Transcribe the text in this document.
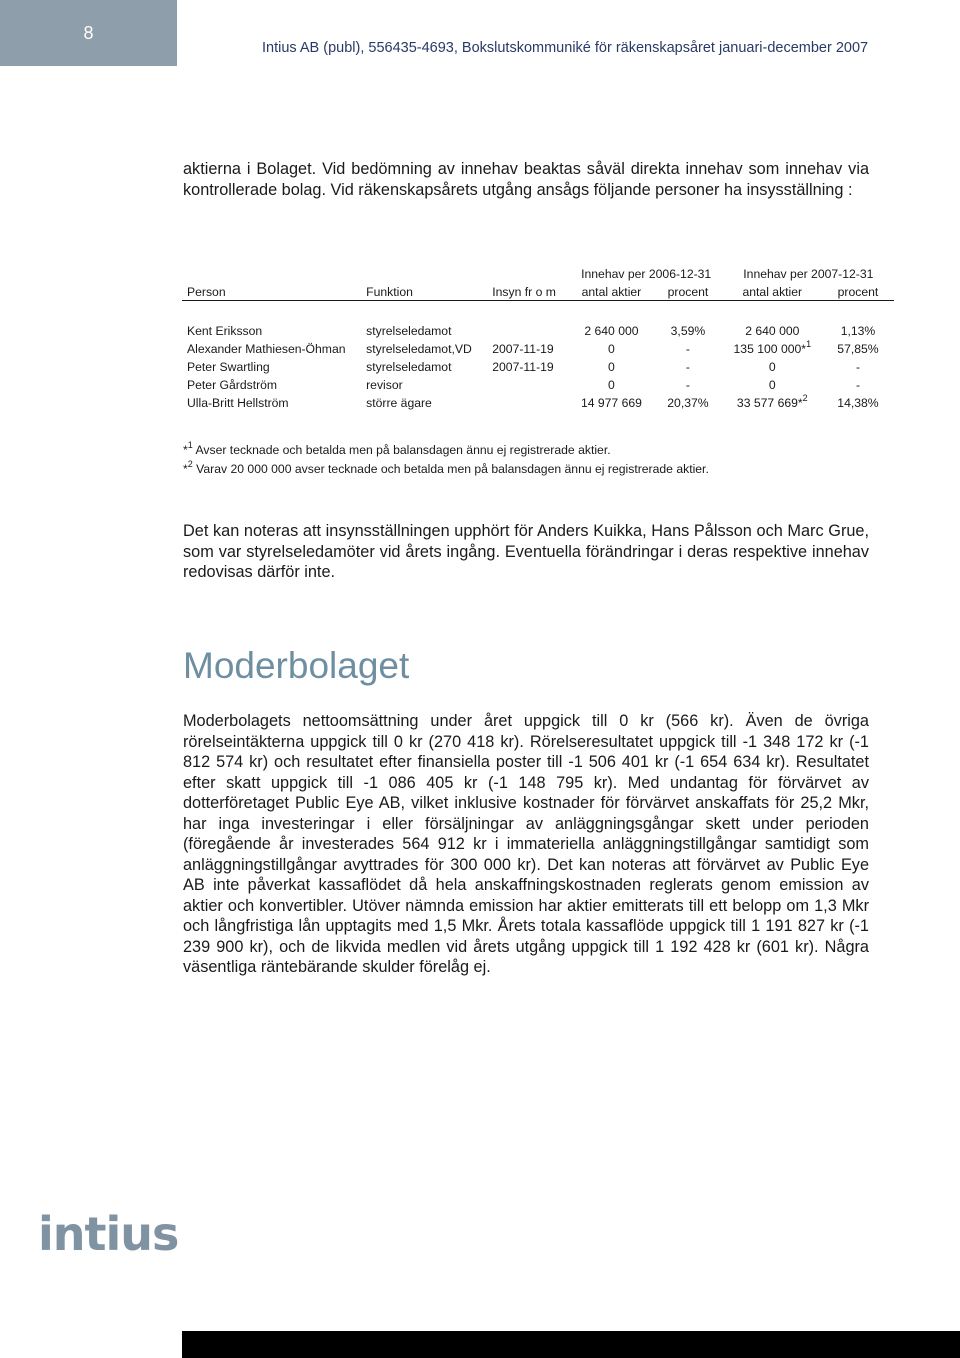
8
Intius AB (publ), 556435-4693, Bokslutskommuniké för räkenskapsåret januari-december 2007

aktierna i Bolaget. Vid bedömning av innehav beaktas såväl direkta innehav som innehav via kontrollerade bolag. Vid räkenskapsårets utgång ansågs följande personer ha insysställning :

			Innehav per 2006-12-31		Innehav per 2007-12-31	
Person	Funktion	Insyn fr o m	antal aktier	procent	antal aktier	procent

Kent Eriksson	styrelseledamot		2 640 000	3,59%	2 640 000	1,13%
Alexander Mathiesen-Öhman	styrelseledamot,VD	2007-11-19	0	-	135 100 000*$^1$	57,85%
Peter Swartling	styrelseledamot	2007-11-19	0	-	0	-
Peter Gårdström	revisor		0	-	0	-
Ulla-Britt Hellström	större ägare		14 977 669	20,37%	33 577 669*$^2$	14,38%
*$^1$ Avser tecknade och betalda men på balansdagen ännu ej registrerade aktier.
*$^2$ Varav 20 000 000 avser tecknade och betalda men på balansdagen ännu ej registrerade aktier.

Det kan noteras att insynsställningen upphört för Anders Kuikka, Hans Pålsson och Marc Grue, som var styrelseledamöter vid årets ingång. Eventuella förändringar i deras respektive innehav redovisas därför inte.

Moderbolaget

Moderbolagets nettoomsättning under året uppgick till 0 kr (566 kr). Även de övriga rörelseintäkterna uppgick till 0 kr (270 418 kr). Rörelseresultatet uppgick till -1 348 172 kr (-1 812 574 kr) och resultatet efter finansiella poster till -1 506 401 kr (-1 654 634 kr). Resultatet efter skatt uppgick till -1 086 405 kr (-1 148 795 kr). Med undantag för förvärvet av dotterföretaget Public Eye AB, vilket inklusive kostnader för förvärvet anskaffats för 25,2 Mkr, har inga investeringar i eller försäljningar av anläggningsgångar skett under perioden (föregående år investerades 564 912 kr i immateriella anläggningstillgångar samtidigt som anläggningstillgångar avyttrades för 300 000 kr). Det kan noteras att förvärvet av Public Eye AB inte påverkat kassaflödet då hela anskaffningskostnaden reglerats genom emission av aktier och konvertibler. Utöver nämnda emission har aktier emitterats till ett belopp om 1,3 Mkr och långfristiga lån upptagits med 1,5 Mkr. Årets totala kassaflöde uppgick till 1 191 827 kr (-1 239 900 kr), och de likvida medlen vid årets utgång uppgick till 1 192 428 kr (601 kr). Några väsentliga räntebärande skulder förelåg ej.

intius
